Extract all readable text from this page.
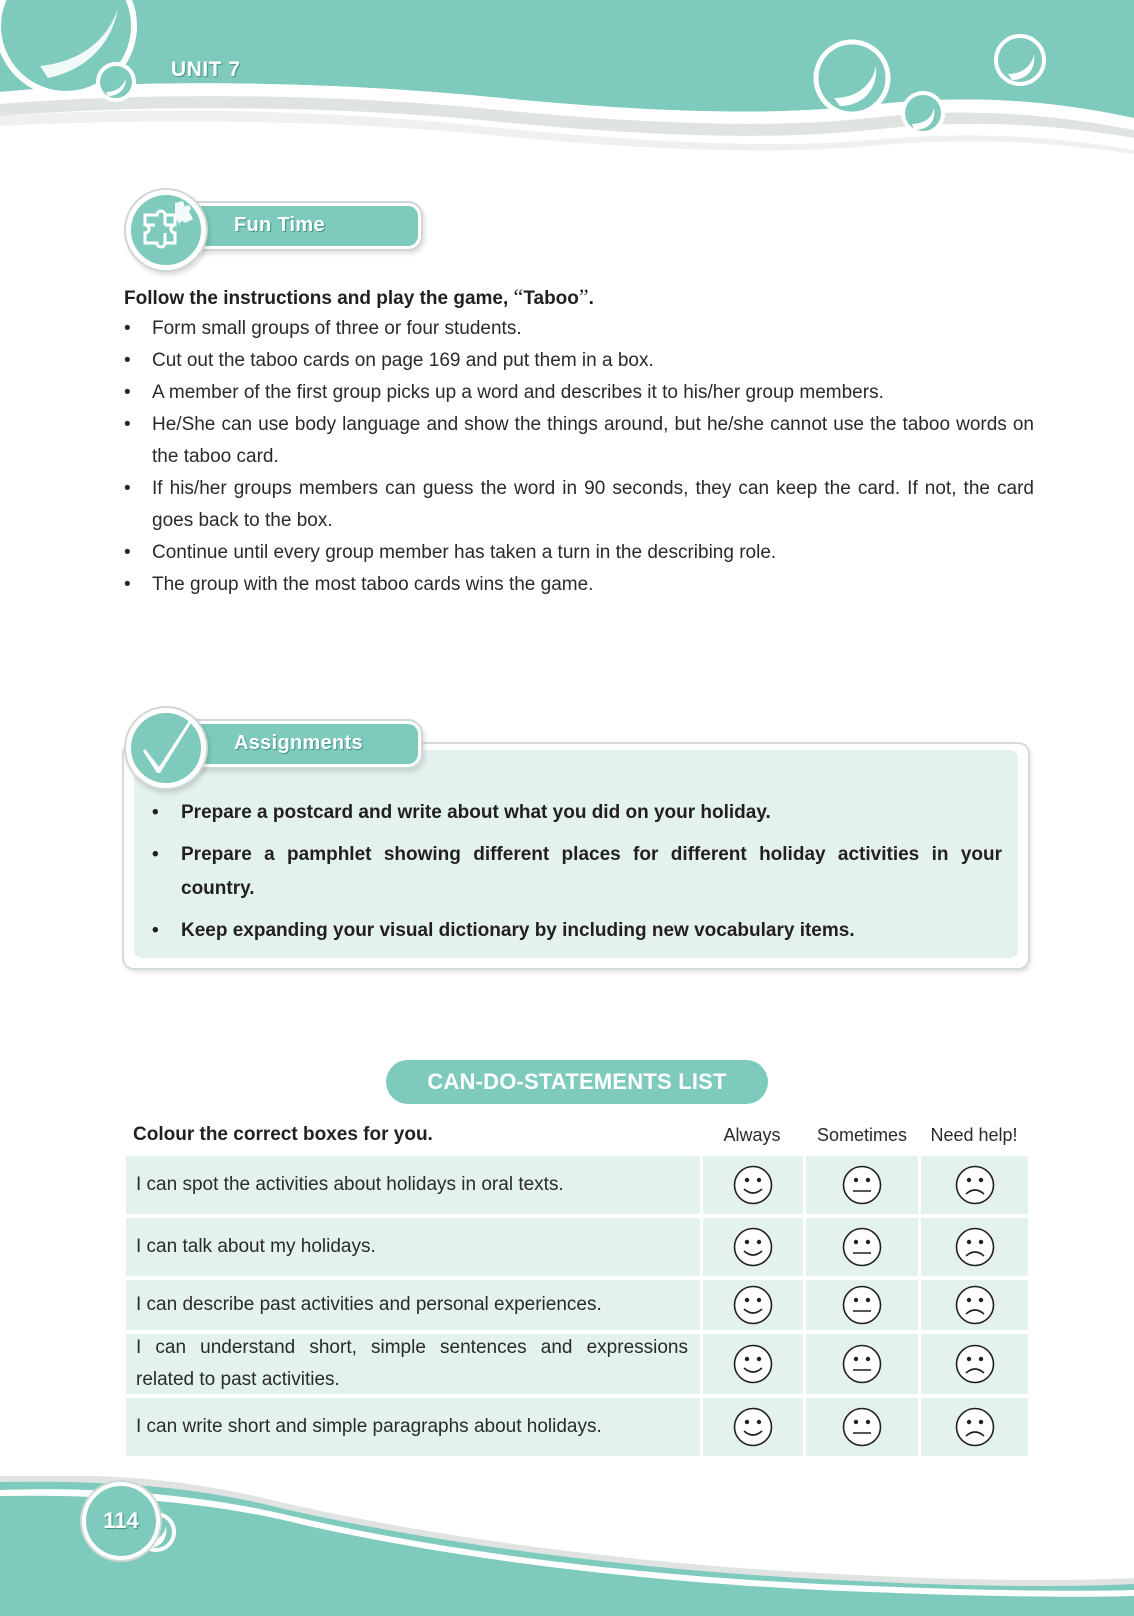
UNIT 7
Fun Time
Follow the instructions and play the game, “Taboo”.
• Form small groups of three or four students.
• Cut out the taboo cards on page 169 and put them in a box.
• A member of the first group picks up a word and describes it to his/her group members.
• He/She can use body language and show the things around, but he/she cannot use the taboo words on the taboo card.
• If his/her groups members can guess the word in 90 seconds, they can keep the card. If not, the card goes back to the box.
• Continue until every group member has taken a turn in the describing role.
• The group with the most taboo cards wins the game.
Assignments
• Prepare a postcard and write about what you did on your holiday.
• Prepare a pamphlet showing different places for different holiday activities in your country.
• Keep expanding your visual dictionary by including new vocabulary items.
CAN-DO-STATEMENTS LIST
Colour the correct boxes for you.	Always	Sometimes	Need help!
I can spot the activities about holidays in oral texts.
I can talk about my holidays.
I can describe past activities and personal experiences.
I can understand short, simple sentences and expressions related to past activities.
I can write short and simple paragraphs about holidays.
114
